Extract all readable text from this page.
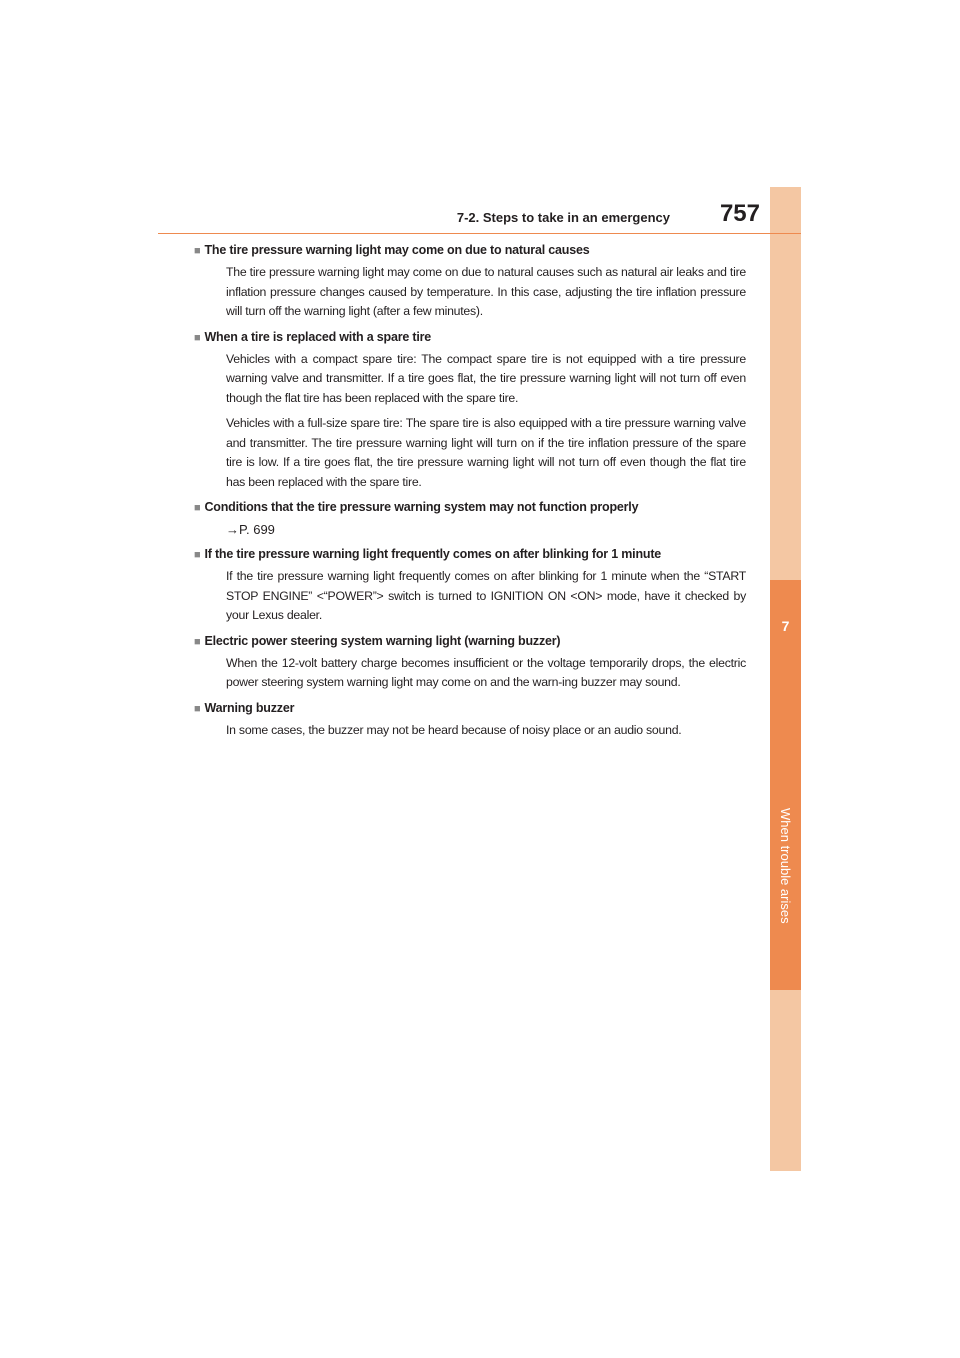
7
When trouble arises
7-2. Steps to take in an emergency	757
■ The tire pressure warning light may come on due to natural causes

The tire pressure warning light may come on due to natural causes such as natural air leaks and tire inflation pressure changes caused by temperature. In this case, adjusting the tire inflation pressure will turn off the warning light (after a few minutes).

■ When a tire is replaced with a spare tire

Vehicles with a compact spare tire: The compact spare tire is not equipped with a tire pressure warning valve and transmitter. If a tire goes flat, the tire pressure warning light will not turn off even though the flat tire has been replaced with the spare tire.

Vehicles with a full-size spare tire: The spare tire is also equipped with a tire pressure warning valve and transmitter. The tire pressure warning light will turn on if the tire inflation pressure of the spare tire is low. If a tire goes flat, the tire pressure warning light will not turn off even though the flat tire has been replaced with the spare tire.

■ Conditions that the tire pressure warning system may not function properly

→P. 699

■ If the tire pressure warning light frequently comes on after blinking for 1 minute

If the tire pressure warning light frequently comes on after blinking for 1 minute when the “START STOP ENGINE” <“POWER”> switch is turned to IGNITION ON <ON> mode, have it checked by your Lexus dealer.

■ Electric power steering system warning light (warning buzzer)

When the 12-volt battery charge becomes insufficient or the voltage temporarily drops, the electric power steering system warning light may come on and the warn-ing buzzer may sound.

■ Warning buzzer

In some cases, the buzzer may not be heard because of noisy place or an audio sound.
